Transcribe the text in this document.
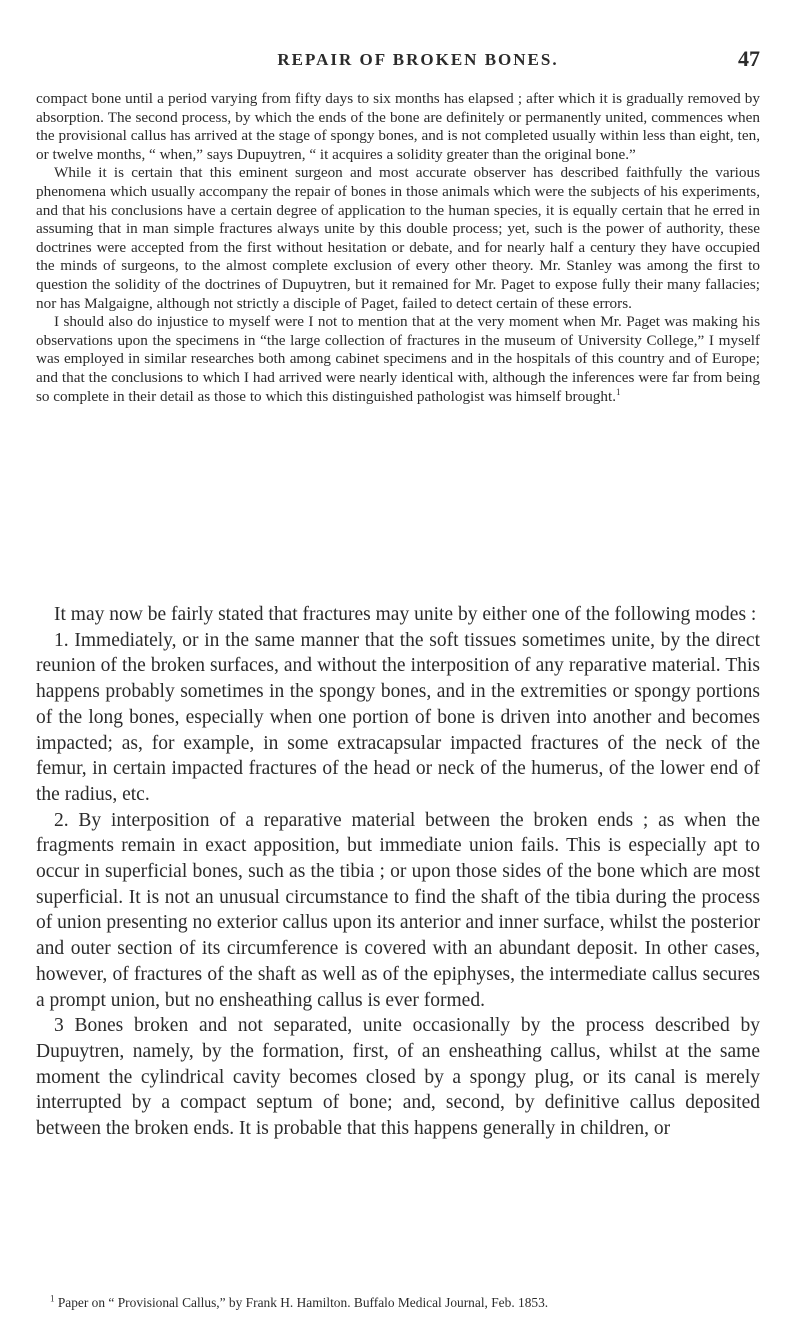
REPAIR OF BROKEN BONES.	47

compact bone until a period varying from fifty days to six months has elapsed ; after which it is gradually removed by absorption. The second process, by which the ends of the bone are definitely or permanently united, commences when the provisional callus has arrived at the stage of spongy bones, and is not completed usually within less than eight, ten, or twelve months, “ when,” says Dupuytren, “ it acquires a solidity greater than the original bone.”

While it is certain that this eminent surgeon and most accurate observer has described faithfully the various phenomena which usually accompany the repair of bones in those animals which were the subjects of his experiments, and that his conclusions have a certain degree of application to the human species, it is equally certain that he erred in assuming that in man simple fractures always unite by this double process; yet, such is the power of authority, these doctrines were accepted from the first without hesitation or debate, and for nearly half a century they have occupied the minds of surgeons, to the almost complete exclusion of every other theory. Mr. Stanley was among the first to question the solidity of the doctrines of Dupuytren, but it remained for Mr. Paget to expose fully their many fallacies; nor has Malgaigne, although not strictly a disciple of Paget, failed to detect certain of these errors.

I should also do injustice to myself were I not to mention that at the very moment when Mr. Paget was making his observations upon the specimens in “the large collection of fractures in the museum of University College,” I myself was employed in similar researches both among cabinet specimens and in the hospitals of this country and of Europe; and that the conclusions to which I had arrived were nearly identical with, although the inferences were far from being so complete in their detail as those to which this distinguished pathologist was himself brought.$^1$

It may now be fairly stated that fractures may unite by either one of the following modes :

1. Immediately, or in the same manner that the soft tissues sometimes unite, by the direct reunion of the broken surfaces, and without the interposition of any reparative material. This happens probably sometimes in the spongy bones, and in the extremities or spongy portions of the long bones, especially when one portion of bone is driven into another and becomes impacted; as, for example, in some extracapsular impacted fractures of the neck of the femur, in certain impacted fractures of the head or neck of the humerus, of the lower end of the radius, etc.

2. By interposition of a reparative material between the broken ends ; as when the fragments remain in exact apposition, but immediate union fails. This is especially apt to occur in superficial bones, such as the tibia ; or upon those sides of the bone which are most superficial. It is not an unusual circumstance to find the shaft of the tibia during the process of union presenting no exterior callus upon its anterior and inner surface, whilst the posterior and outer section of its circumference is covered with an abundant deposit. In other cases, however, of fractures of the shaft as well as of the epiphyses, the intermediate callus secures a prompt union, but no ensheathing callus is ever formed.

3 Bones broken and not separated, unite occasionally by the process described by Dupuytren, namely, by the formation, first, of an ensheathing callus, whilst at the same moment the cylindrical cavity becomes closed by a spongy plug, or its canal is merely interrupted by a compact septum of bone; and, second, by definitive callus deposited between the broken ends. It is probable that this happens generally in children, or

$^1$ Paper on “ Provisional Callus,” by Frank H. Hamilton. Buffalo Medical Journal, Feb. 1853.
